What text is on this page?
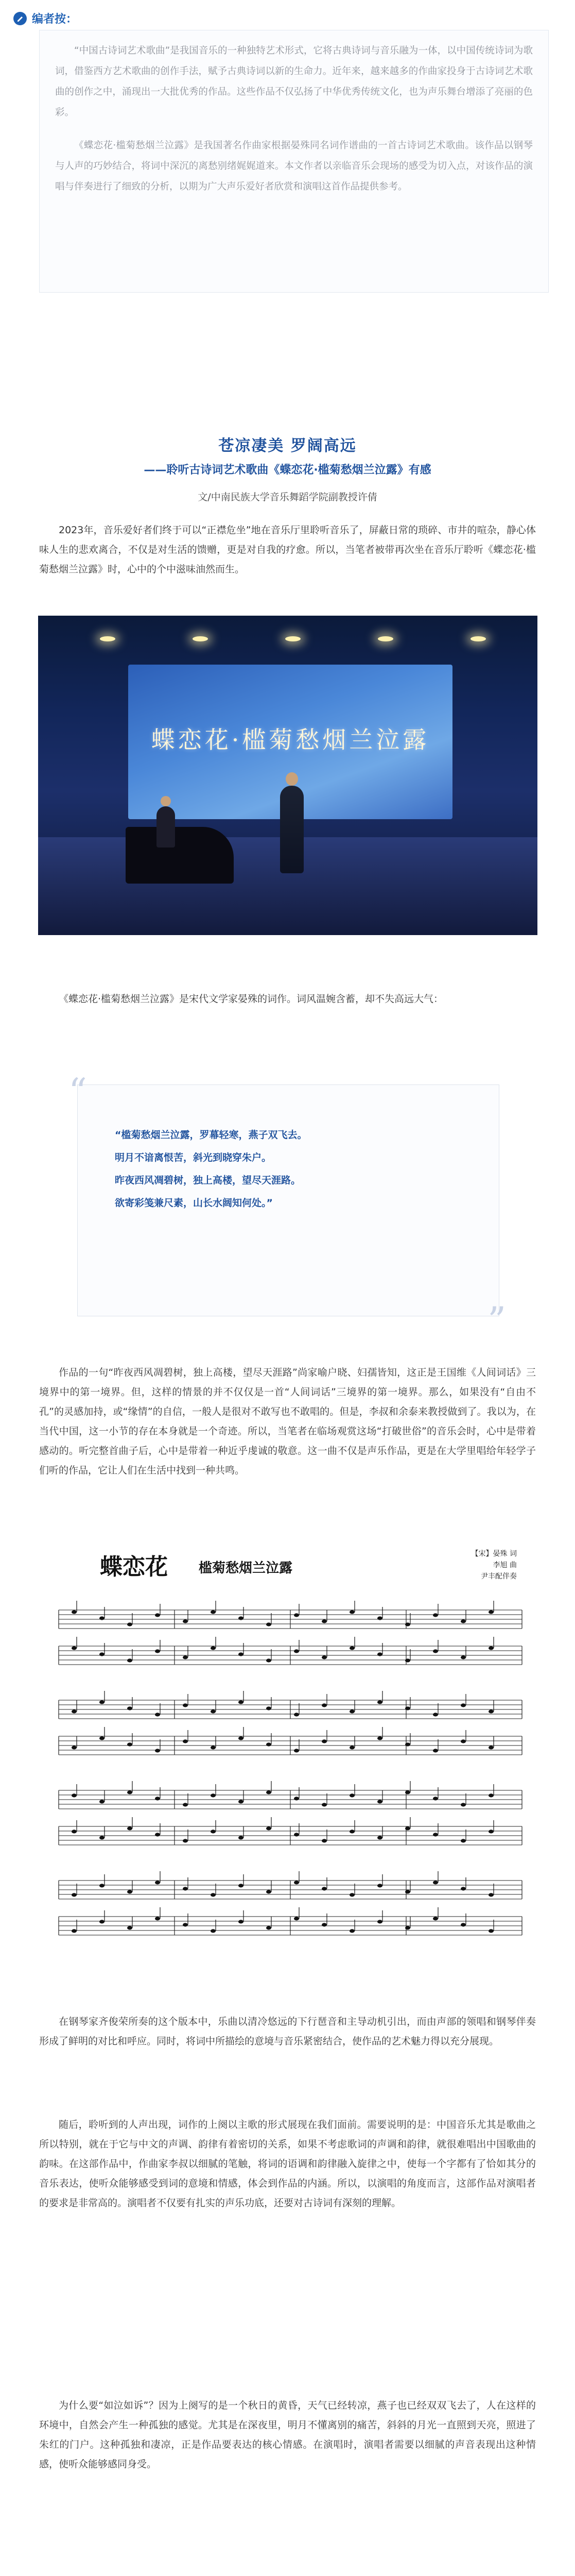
编者按：

“中国古诗词艺术歌曲”是我国音乐的一种独特艺术形式，它将古典诗词与音乐融为一体，以中国传统诗词为歌词，借鉴西方艺术歌曲的创作手法，赋予古典诗词以新的生命力。近年来，越来越多的作曲家投身于古诗词艺术歌曲的创作之中，涌现出一大批优秀的作品。这些作品不仅弘扬了中华优秀传统文化，也为声乐舞台增添了亮丽的色彩。

《蝶恋花·槛菊愁烟兰泣露》是我国著名作曲家根据晏殊同名词作谱曲的一首古诗词艺术歌曲。该作品以钢琴与人声的巧妙结合，将词中深沉的离愁别绪娓娓道来。本文作者以亲临音乐会现场的感受为切入点，对该作品的演唱与伴奏进行了细致的分析，以期为广大声乐爱好者欣赏和演唱这首作品提供参考。

苍凉凄美 罗阔高远
——聆听古诗词艺术歌曲《蝶恋花·槛菊愁烟兰泣露》有感
文/中南民族大学音乐舞蹈学院副教授许倩

2023年，音乐爱好者们终于可以“正襟危坐”地在音乐厅里聆听音乐了，屏蔽日常的琐碎、市井的喧杂，静心体味人生的悲欢离合，不仅是对生活的馈赠，更是对自我的疗愈。所以，当笔者被带再次坐在音乐厅聆听《蝶恋花·槛菊愁烟兰泣露》时，心中的个中滋味油然而生。

蝶恋花·槛菊愁烟兰泣露

《蝶恋花·槛菊愁烟兰泣露》是宋代文学家晏殊的词作。词风温婉含蓄，却不失高远大气：

“
“槛菊愁烟兰泣露，罗幕轻寒，燕子双飞去。
明月不谙离恨苦，斜光到晓穿朱户。
昨夜西风凋碧树，独上高楼，望尽天涯路。
欲寄彩笺兼尺素，山长水阔知何处。”
”

作品的一句“昨夜西风凋碧树，独上高楼，望尽天涯路”尚家喻户晓、妇孺皆知，这正是王国维《人间词话》三境界中的第一境界。但，这样的情景的并不仅仅是一首“人间词话”三境界的第一境界。那么，如果没有“自由不孔”的灵感加持，或“缘情”的自信，一般人是很对不敢写也不敢唱的。但是，李叔和余泰来教授做到了。我以为，在当代中国，这一小节的存在本身就是一个奇迹。所以，当笔者在临场观赏这场“打破世俗”的音乐会时，心中是带着感动的。听完整首曲子后，心中是带着一种近乎虔诚的敬意。这一曲不仅是声乐作品，更是在大学里唱给年轻学子们听的作品，它让人们在生活中找到一种共鸣。

蝶恋花 槛菊愁烟兰泣露
【宋】晏殊 词
李旭 曲
尹丰配伴奏

在钢琴家齐俊荣所奏的这个版本中，乐曲以清冷悠远的下行琶音和主导动机引出，而由声部的领唱和钢琴伴奏形成了鲜明的对比和呼应。同时，将词中所描绘的意境与音乐紧密结合，使作品的艺术魅力得以充分展现。

随后，聆听到的人声出现，词作的上阕以主歌的形式展现在我们面前。需要说明的是：中国音乐尤其是歌曲之所以特别，就在于它与中文的声调、韵律有着密切的关系，如果不考虑歌词的声调和韵律，就很难唱出中国歌曲的韵味。在这部作品中，作曲家李叔以细腻的笔触，将词的语调和韵律融入旋律之中，使每一个字都有了恰如其分的音乐表达，使听众能够感受到词的意境和情感，体会到作品的内涵。所以，以演唱的角度而言，这部作品对演唱者的要求是非常高的。演唱者不仅要有扎实的声乐功底，还要对古诗词有深刻的理解。

为什么要“如泣如诉”？因为上阕写的是一个秋日的黄昏，天气已经转凉，燕子也已经双双飞去了，人在这样的环境中，自然会产生一种孤独的感觉。尤其是在深夜里，明月不懂离别的痛苦，斜斜的月光一直照到天亮，照进了朱红的门户。这种孤独和凄凉，正是作品要表达的核心情感。在演唱时，演唱者需要以细腻的声音表现出这种情感，使听众能够感同身受。
